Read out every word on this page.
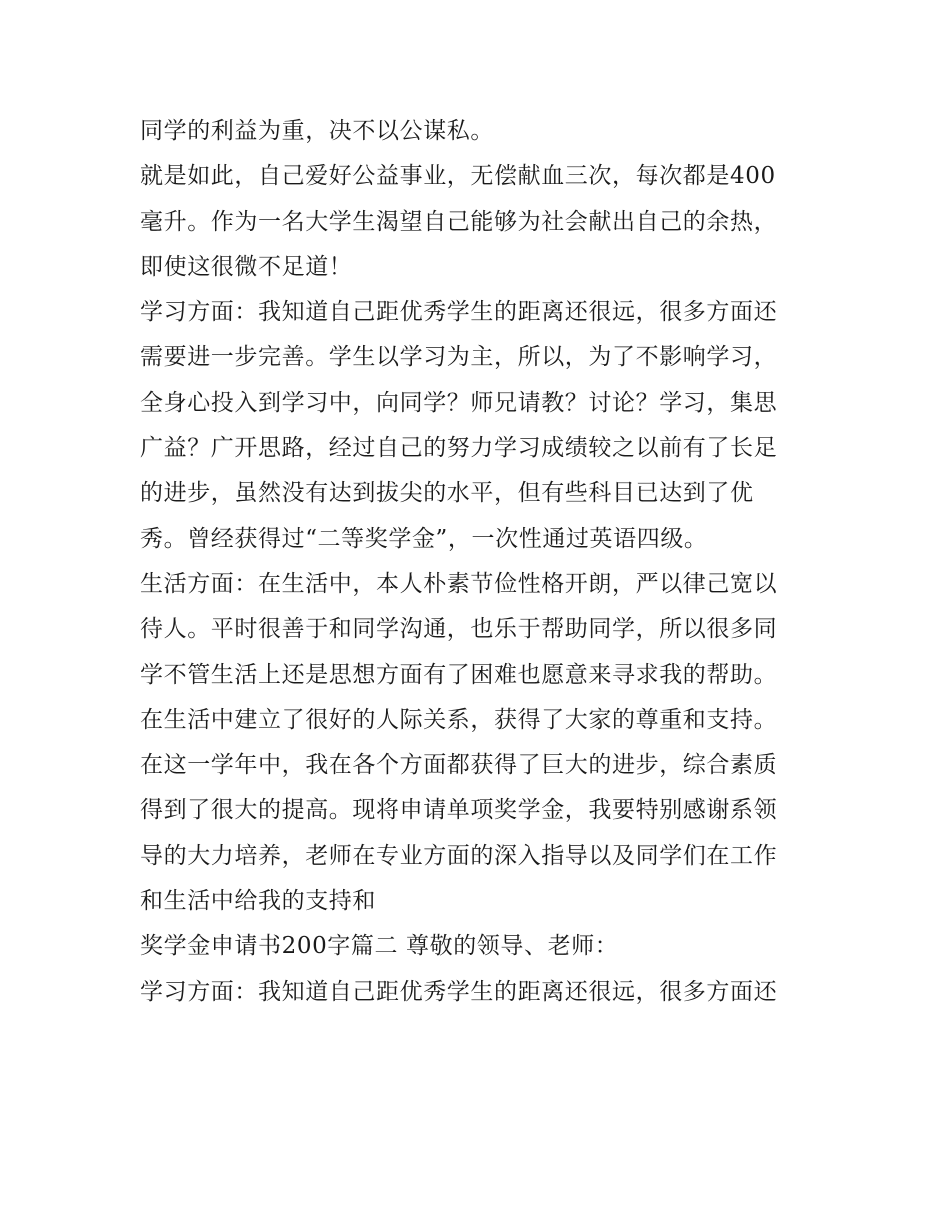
同学的利益为重，决不以公谋私。
就是如此，自己爱好公益事业，无偿献血三次，每次都是400
毫升。作为一名大学生渴望自己能够为社会献出自己的余热，
即使这很微不足道！
学习方面：我知道自己距优秀学生的距离还很远，很多方面还
需要进一步完善。学生以学习为主，所以，为了不影响学习，
全身心投入到学习中，向同学？师兄请教？讨论？学习，集思
广益？广开思路，经过自己的努力学习成绩较之以前有了长足
的进步，虽然没有达到拔尖的水平，但有些科目已达到了优
秀。曾经获得过“二等奖学金”，一次性通过英语四级。
生活方面：在生活中，本人朴素节俭性格开朗，严以律己宽以
待人。平时很善于和同学沟通，也乐于帮助同学，所以很多同
学不管生活上还是思想方面有了困难也愿意来寻求我的帮助。
在生活中建立了很好的人际关系，获得了大家的尊重和支持。
在这一学年中，我在各个方面都获得了巨大的进步，综合素质
得到了很大的提高。现将申请单项奖学金，我要特别感谢系领
导的大力培养，老师在专业方面的深入指导以及同学们在工作
和生活中给我的支持和
奖学金申请书200字篇二 尊敬的领导、老师：
学习方面：我知道自己距优秀学生的距离还很远，很多方面还
